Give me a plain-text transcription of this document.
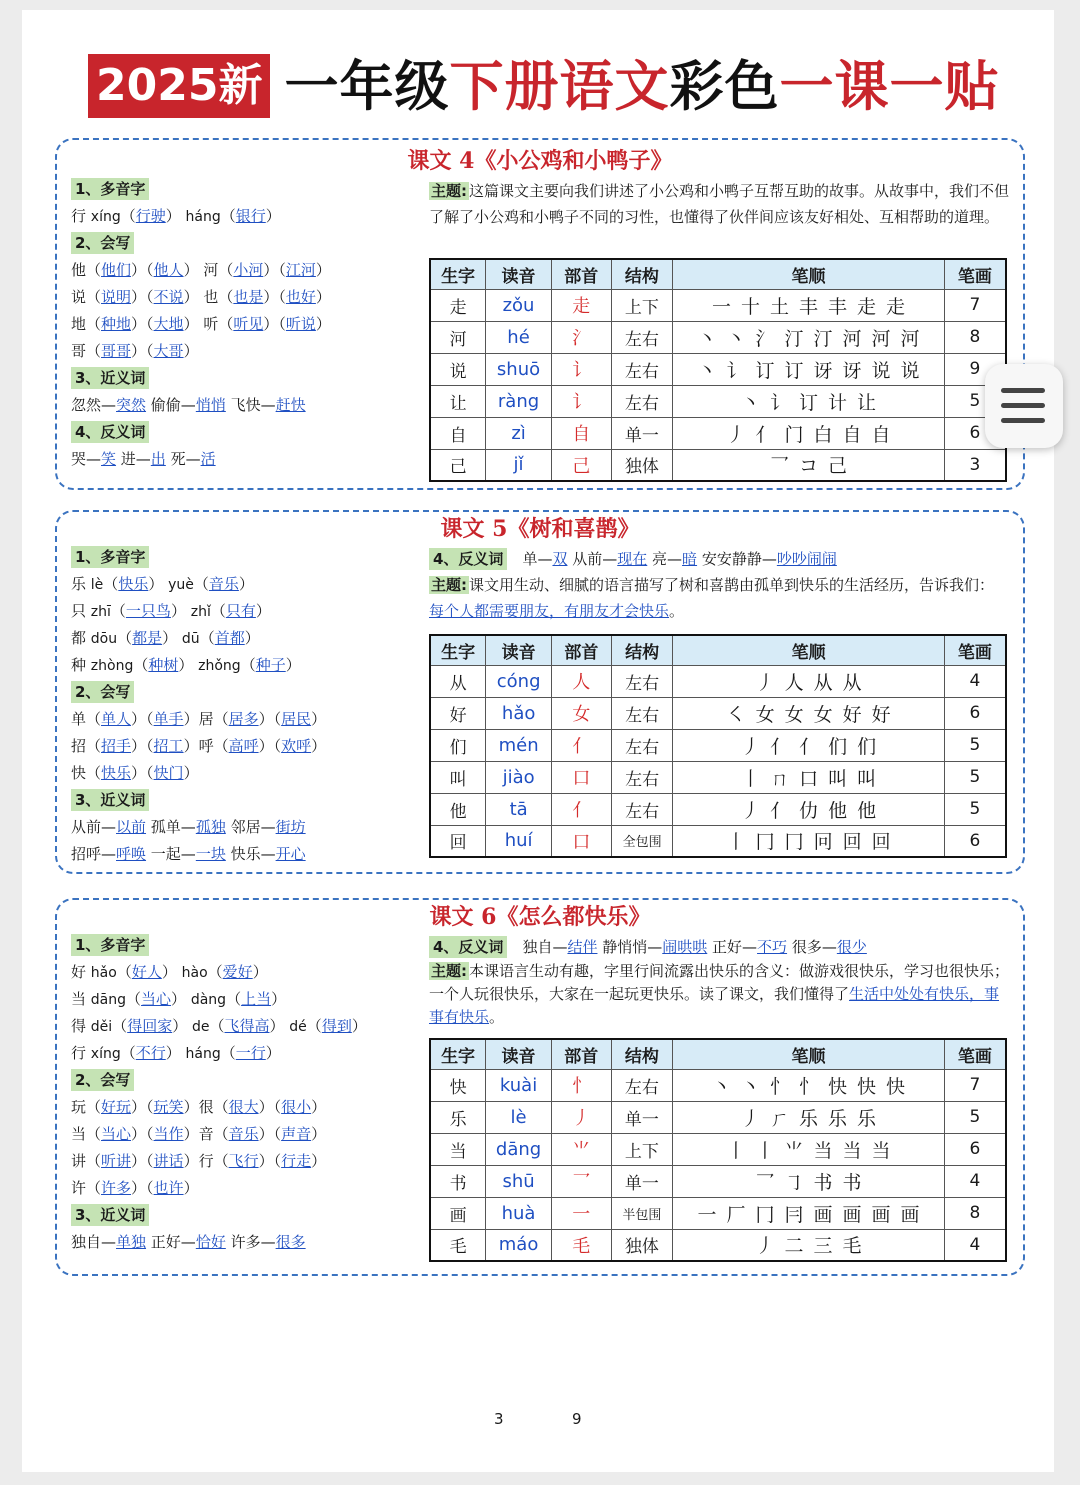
2025新 一年级下册语文彩色一课一贴
课文 4《小公鸡和小鸭子》
1、多音字
行 xíng（行驶） háng（银行）
2、会写
他（他们）（他人） 河（小河）（江河）
说（说明）（不说） 也（也是）（也好）
地（种地）（大地） 听（听见）（听说）
哥（哥哥）（大哥）
3、近义词
忽然—突然 偷偷—悄悄 飞快—赶快
4、反义词
哭—笑 进—出 死—活
主题: 这篇课文主要向我们讲述了小公鸡和小鸭子互帮互助的故事。从故事中，我们不但了解了小公鸡和小鸭子不同的习性，也懂得了伙伴间应该友好相处、互相帮助的道理。
生字	读音	部首	结构	笔顺	笔画
走	zǒu	走	上下	一 十 土 丰 丰 走 走	7
河	hé	氵	左右	丶 丶 氵 汀 汀 河 河 河	8
说	shuō	讠	左右	丶 讠 订 订 讶 讶 说 说	9
让	ràng	讠	左右	丶 讠 订 计 让	5
自	zì	自	单一	丿 亻 门 白 自 自	6
己	jǐ	己	独体	乛 コ 己	3
课文 5《树和喜鹊》
1、多音字
乐 lè（快乐） yuè（音乐）
只 zhī（一只鸟） zhǐ（只有）
都 dōu（都是） dū（首都）
种 zhòng（种树） zhǒng（种子）
2、会写
单（单人）（单手）居（居多）（居民）
招（招手）（招工）呼（高呼）（欢呼）
快（快乐）（快门）
3、近义词
从前—以前 孤单—孤独 邻居—街坊
招呼—呼唤 一起—一块 快乐—开心
4、反义词　单—双 从前—现在 亮—暗 安安静静—吵吵闹闹
主题: 课文用生动、细腻的语言描写了树和喜鹊由孤单到快乐的生活经历，告诉我们：每个人都需要朋友，有朋友才会快乐。
生字	读音	部首	结构	笔顺	笔画
从	cóng	人	左右	丿 人 从 从	4
好	hǎo	女	左右	㇛ 女 女 女 好 好	6
们	mén	亻	左右	丿 亻 亻 们 们	5
叫	jiào	口	左右	丨 ㄇ 口 叫 叫	5
他	tā	亻	左右	丿 亻 仂 他 他	5
回	huí	口	全包围	丨 冂 冂 冋 回 回	6
课文 6《怎么都快乐》
1、多音字
好 hǎo（好人） hào（爱好）
当 dāng（当心） dàng（上当）
得 děi（得回家） de（飞得高） dé（得到）
行 xíng（不行） háng（一行）
2、会写
玩（好玩）（玩笑）很（很大）（很小）
当（当心）（当作）音（音乐）（声音）
讲（听讲）（讲话）行（飞行）（行走）
许（许多）（也许）
3、近义词
独自—单独 正好—恰好 许多—很多
4、反义词　独自—结伴 静悄悄—闹哄哄 正好—不巧 很多—很少
主题: 本课语言生动有趣，字里行间流露出快乐的含义：做游戏很快乐，学习也很快乐；一个人玩很快乐，大家在一起玩更快乐。读了课文，我们懂得了生活中处处有快乐，事事有快乐。
生字	读音	部首	结构	笔顺	笔画
快	kuài	忄	左右	丶 丶 忄 忄 快 快 快	7
乐	lè	丿	单一	丿 ㄏ 乐 乐 乐	5
当	dāng	⺌	上下	丨 丨 ⺌ 当 当 当	6
书	shū	乛	单一	乛 ㇆ 书 书	4
画	huà	一	半包围	一 厂 冂 冃 画 画 画 画	8
毛	máo	毛	独体	丿 二 三 毛	4
3	9
